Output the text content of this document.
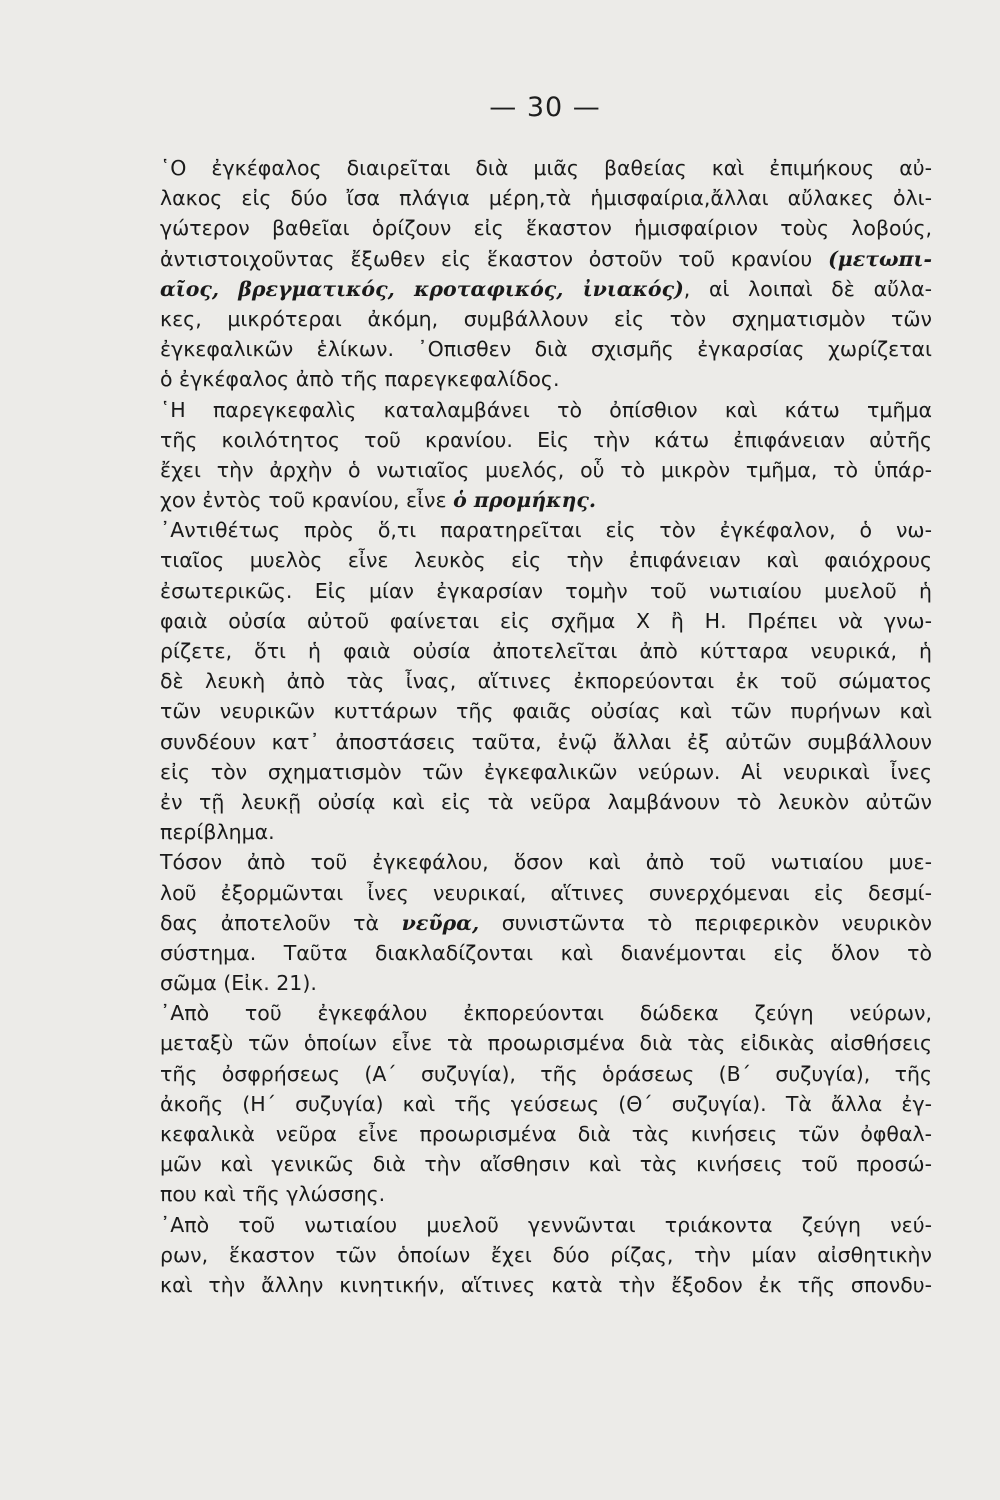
— 30 —
῾Ο ἐγκέφαλος διαιρεῖται διὰ μιᾶς βαθείας καὶ ἐπιμήκους αὐ-
λακος εἰς δύο ἴσα πλάγια μέρη,τὰ ἡμισφαίρια,ἄλλαι αὔλακες ὀλι-
γώτερον βαθεῖαι ὁρίζουν εἰς ἕκαστον ἡμισφαίριον τοὺς λοβούς,
ἀντιστοιχοῦντας ἔξωθεν εἰς ἕκαστον ὀστοῦν τοῦ κρανίου (μετωπι-
αῖος, βρεγματικός, κροταφικός, ἰνιακός), αἱ λοιπαὶ δὲ αὔλα-
κες, μικρότεραι ἀκόμη, συμβάλλουν εἰς τὸν σχηματισμὸν τῶν
ἐγκεφαλικῶν ἑλίκων. ᾿Οπισθεν διὰ σχισμῆς ἐγκαρσίας χωρίζεται
ὁ ἐγκέφαλος ἀπὸ τῆς παρεγκεφαλίδος.
῾Η παρεγκεφαλὶς καταλαμβάνει τὸ ὀπίσθιον καὶ κάτω τμῆμα
τῆς κοιλότητος τοῦ κρανίου. Εἰς τὴν κάτω ἐπιφάνειαν αὐτῆς
ἔχει τὴν ἀρχὴν ὁ νωτιαῖος μυελός, οὗ τὸ μικρὸν τμῆμα, τὸ ὑπάρ-
χον ἐντὸς τοῦ κρανίου, εἶνε ὁ προμήκης.
᾿Αντιθέτως πρὸς ὅ,τι παρατηρεῖται εἰς τὸν ἐγκέφαλον, ὁ νω-
τιαῖος μυελὸς εἶνε λευκὸς εἰς τὴν ἐπιφάνειαν καὶ φαιόχρους
ἐσωτερικῶς. Εἰς μίαν ἐγκαρσίαν τομὴν τοῦ νωτιαίου μυελοῦ ἡ
φαιὰ οὐσία αὐτοῦ φαίνεται εἰς σχῆμα Χ ἢ Η. Πρέπει νὰ γνω-
ρίζετε, ὅτι ἡ φαιὰ οὐσία ἀποτελεῖται ἀπὸ κύτταρα νευρικά, ἡ
δὲ λευκὴ ἀπὸ τὰς ἶνας, αἵτινες ἐκπορεύονται ἐκ τοῦ σώματος
τῶν νευρικῶν κυττάρων τῆς φαιᾶς οὐσίας καὶ τῶν πυρήνων καὶ
συνδέουν κατ᾿ ἀποστάσεις ταῦτα, ἐνῷ ἄλλαι ἐξ αὐτῶν συμβάλλουν
εἰς τὸν σχηματισμὸν τῶν ἐγκεφαλικῶν νεύρων. Αἱ νευρικαὶ ἶνες
ἐν τῇ λευκῇ οὐσίᾳ καὶ εἰς τὰ νεῦρα λαμβάνουν τὸ λευκὸν αὐτῶν
περίβλημα.
Τόσον ἀπὸ τοῦ ἐγκεφάλου, ὅσον καὶ ἀπὸ τοῦ νωτιαίου μυε-
λοῦ ἐξορμῶνται ἶνες νευρικαί, αἵτινες συνερχόμεναι εἰς δεσμί-
δας ἀποτελοῦν τὰ νεῦρα, συνιστῶντα τὸ περιφερικὸν νευρικὸν
σύστημα. Ταῦτα διακλαδίζονται καὶ διανέμονται εἰς ὅλον τὸ
σῶμα (Εἰκ. 21).
᾿Απὸ τοῦ ἐγκεφάλου ἐκπορεύονται δώδεκα ζεύγη νεύρων,
μεταξὺ τῶν ὁποίων εἶνε τὰ προωρισμένα διὰ τὰς εἰδικὰς αἰσθήσεις
τῆς ὀσφρήσεως (Α΄ συζυγία), τῆς ὁράσεως (Β΄ συζυγία), τῆς
ἀκοῆς (Η΄ συζυγία) καὶ τῆς γεύσεως (Θ΄ συζυγία). Τὰ ἄλλα ἐγ-
κεφαλικὰ νεῦρα εἶνε προωρισμένα διὰ τὰς κινήσεις τῶν ὀφθαλ-
μῶν καὶ γενικῶς διὰ τὴν αἴσθησιν καὶ τὰς κινήσεις τοῦ προσώ-
που καὶ τῆς γλώσσης.
᾿Απὸ τοῦ νωτιαίου μυελοῦ γεννῶνται τριάκοντα ζεύγη νεύ-
ρων, ἕκαστον τῶν ὁποίων ἔχει δύο ρίζας, τὴν μίαν αἰσθητικὴν
καὶ τὴν ἄλλην κινητικήν, αἵτινες κατὰ τὴν ἔξοδον ἐκ τῆς σπονδυ-
